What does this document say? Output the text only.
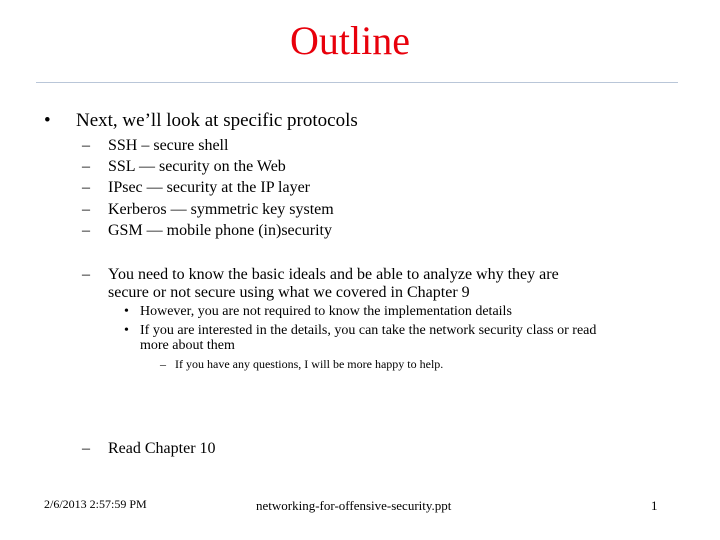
Outline
• Next, we’ll look at specific protocols
– SSH – secure shell
– SSL — security on the Web
– IPsec — security at the IP layer
– Kerberos — symmetric key system
– GSM — mobile phone (in)security
– You need to know the basic ideals and be able to analyze why they are
secure or not secure using what we covered in Chapter 9
• However, you are not required to know the implementation details
• If you are interested in the details, you can take the network security class or read
more about them
– If you have any questions, I will be more happy to help.
– Read Chapter 10
2/6/2013 2:57:59 PM	networking-for-offensive-security.ppt	1
